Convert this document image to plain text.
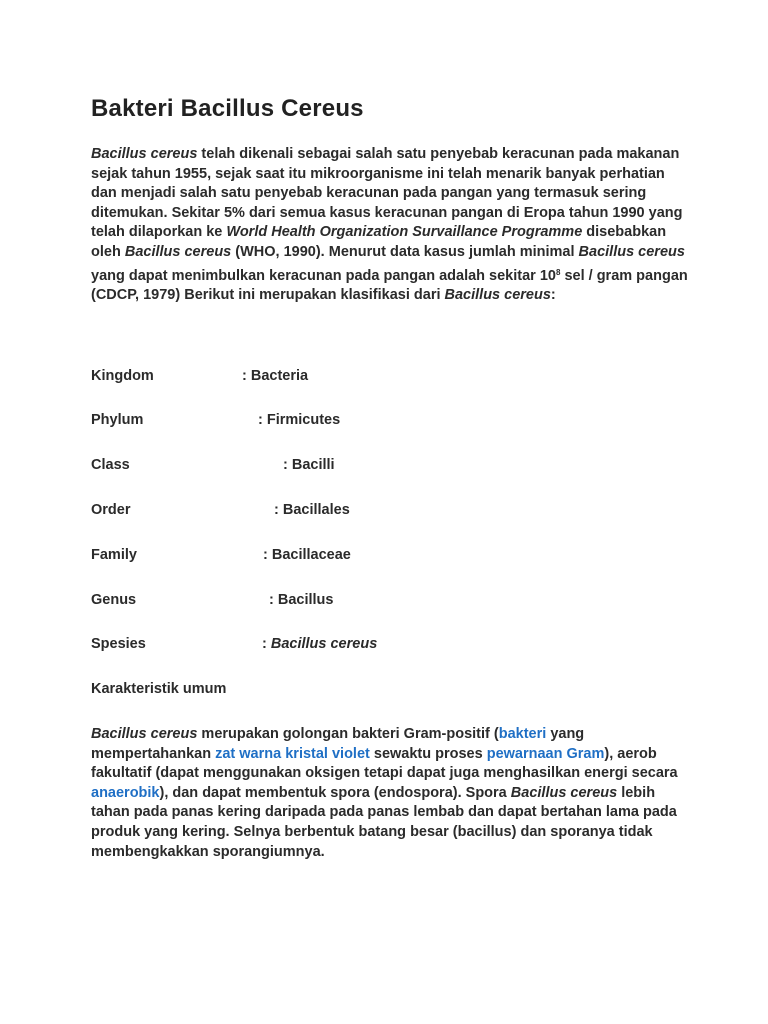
Bakteri Bacillus Cereus

Bacillus cereus telah dikenali sebagai salah satu penyebab keracunan pada makanan sejak tahun 1955, sejak saat itu mikroorganisme ini telah menarik banyak perhatian dan menjadi salah satu penyebab keracunan pada pangan yang termasuk sering ditemukan. Sekitar 5% dari semua kasus keracunan pangan di Eropa tahun 1990 yang telah dilaporkan ke World Health Organization Survaillance Programme disebabkan oleh Bacillus cereus (WHO, 1990). Menurut data kasus jumlah minimal Bacillus cereus yang dapat menimbulkan keracunan pada pangan adalah sekitar $10^8$ sel / gram pangan (CDCP, 1979) Berikut ini merupakan klasifikasi dari Bacillus cereus:

Kingdom	: Bacteria
Phylum	: Firmicutes
Class	: Bacilli
Order	: Bacillales
Family	: Bacillaceae
Genus	: Bacillus
Spesies	: Bacillus cereus
Karakteristik umum

Bacillus cereus merupakan golongan bakteri Gram-positif (bakteri yang mempertahankan zat warna kristal violet sewaktu proses pewarnaan Gram), aerob fakultatif (dapat menggunakan oksigen tetapi dapat juga menghasilkan energi secara anaerobik), dan dapat membentuk spora (endospora). Spora Bacillus cereus lebih tahan pada panas kering daripada pada panas lembab dan dapat bertahan lama pada produk yang kering. Selnya berbentuk batang besar (bacillus) dan sporanya tidak membengkakkan sporangiumnya.
